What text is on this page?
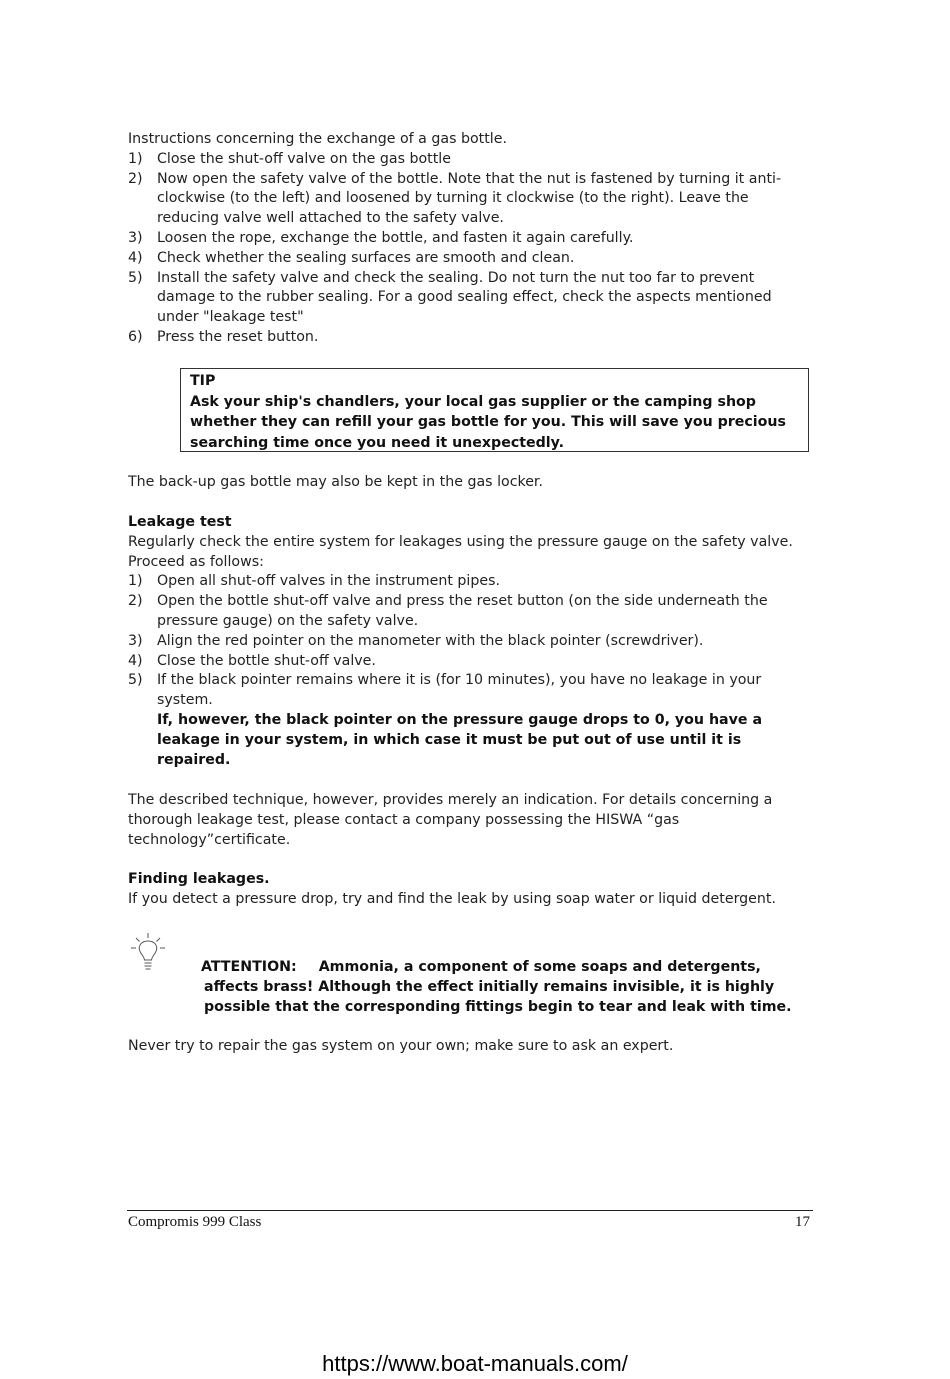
Instructions concerning the exchange of a gas bottle.

1) Close the shut-off valve on the gas bottle
2) Now open the safety valve of the bottle. Note that the nut is fastened by turning it anti-clockwise (to the left) and loosened by turning it clockwise (to the right). Leave the reducing valve well attached to the safety valve.
3) Loosen the rope, exchange the bottle, and fasten it again carefully.
4) Check whether the sealing surfaces are smooth and clean.
5) Install the safety valve and check the sealing. Do not turn the nut too far to prevent damage to the rubber sealing. For a good sealing effect, check the aspects mentioned under "leakage test"
6) Press the reset button.
TIP
Ask your ship's chandlers, your local gas supplier or the camping shop whether they can refill your gas bottle for you. This will save you precious searching time once you need it unexpectedly.
The back-up gas bottle may also be kept in the gas locker.

Leakage test

Regularly check the entire system for leakages using the pressure gauge on the safety valve. Proceed as follows:

1) Open all shut-off valves in the instrument pipes.
2) Open the bottle shut-off valve and press the reset button (on the side underneath the pressure gauge) on the safety valve.
3) Align the red pointer on the manometer with the black pointer (screwdriver).
4) Close the bottle shut-off valve.
5) If the black pointer remains where it is (for 10 minutes), you have no leakage in your system.

If, however, the black pointer on the pressure gauge drops to 0, you have a leakage in your system, in which case it must be put out of use until it is repaired.

The described technique, however, provides merely an indication. For details concerning a thorough leakage test, please contact a company possessing the HISWA “gas technology”certificate.

Finding leakages.

If you detect a pressure drop, try and find the leak by using soap water or liquid detergent.

ATTENTION: Ammonia, a component of some soaps and detergents,
affects brass! Although the effect initially remains invisible, it is highly possible that the corresponding fittings begin to tear and leak with time.
Never try to repair the gas system on your own; make sure to ask an expert.
Compromis 999 Class	17
https://www.boat-manuals.com/
